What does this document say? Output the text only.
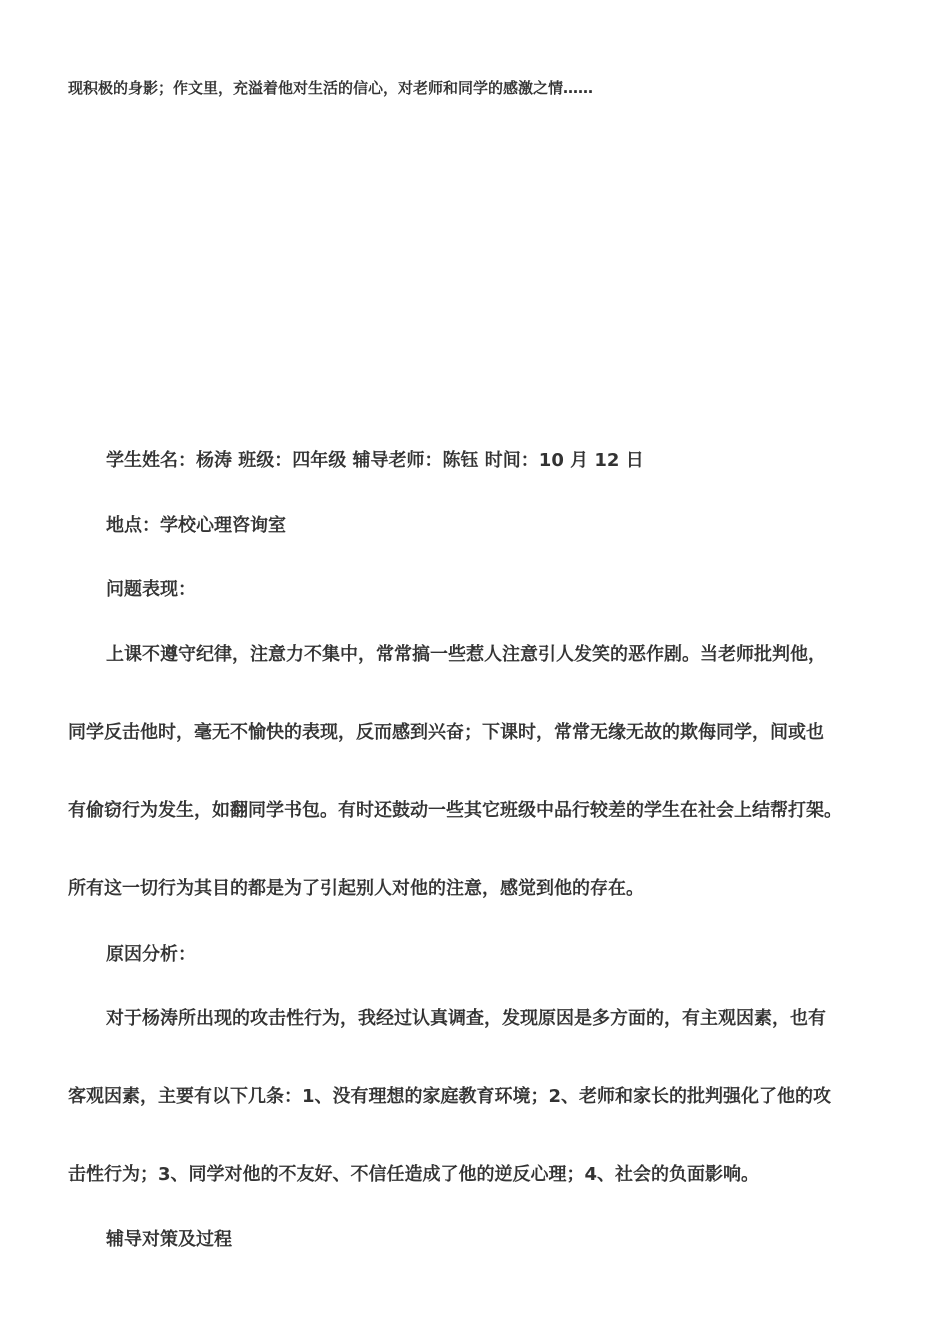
现积极的身影；作文里，充溢着他对生活的信心，对老师和同学的感激之情……
学生姓名：杨涛 班级：四年级 辅导老师：陈钰 时间：10 月 12 日
地点：学校心理咨询室
问题表现：
上课不遵守纪律，注意力不集中，常常搞一些惹人注意引人发笑的恶作剧。当老师批判他，
同学反击他时，毫无不愉快的表现，反而感到兴奋；下课时，常常无缘无故的欺侮同学，间或也
有偷窃行为发生，如翻同学书包。有时还鼓动一些其它班级中品行较差的学生在社会上结帮打架。
所有这一切行为其目的都是为了引起别人对他的注意，感觉到他的存在。
原因分析：
对于杨涛所出现的攻击性行为，我经过认真调查，发现原因是多方面的，有主观因素，也有
客观因素，主要有以下几条：1、没有理想的家庭教育环境；2、老师和家长的批判强化了他的攻
击性行为；3、同学对他的不友好、不信任造成了他的逆反心理；4、社会的负面影响。
辅导对策及过程
